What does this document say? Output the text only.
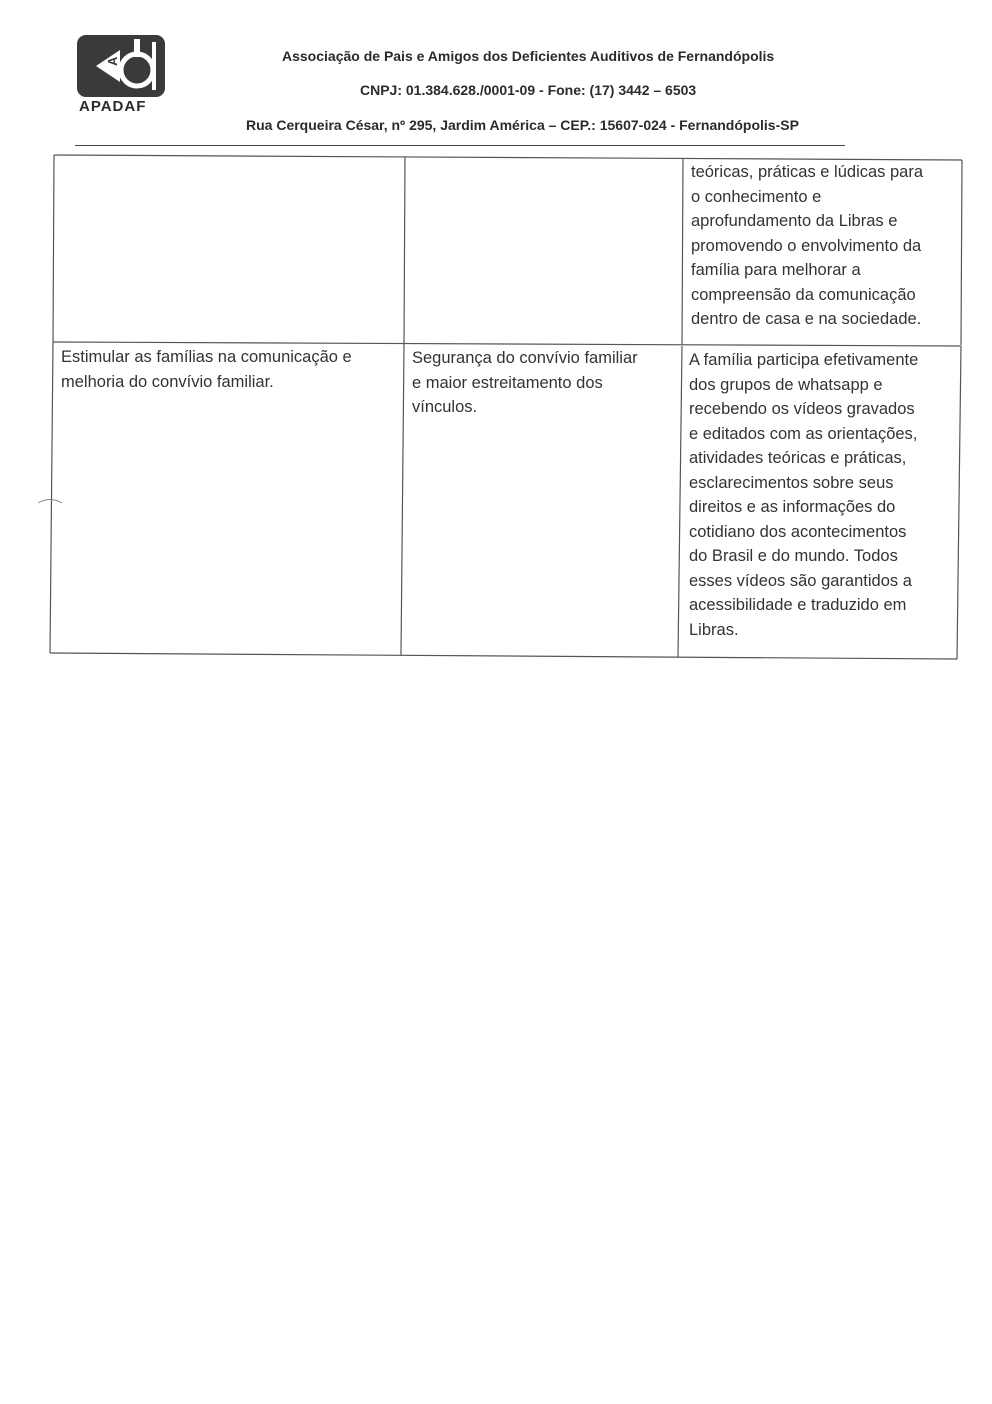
A
APADAF
Associação de Pais e Amigos dos Deficientes Auditivos de Fernandópolis
CNPJ: 01.384.628./0001-09 - Fone: (17) 3442 – 6503
Rua Cerqueira César, nº 295, Jardim América – CEP.: 15607-024 - Fernandópolis-SP
teóricas, práticas e lúdicas para
o conhecimento e
aprofundamento da Libras e
promovendo o envolvimento da
família para melhorar a
compreensão da comunicação
dentro de casa e na sociedade.
Estimular as famílias na comunicação e
melhoria do convívio familiar.
Segurança do convívio familiar
e maior estreitamento dos
vínculos.
A família participa efetivamente
dos grupos de whatsapp e
recebendo os vídeos gravados
e editados com as orientações,
atividades teóricas e práticas,
esclarecimentos sobre seus
direitos e as informações do
cotidiano dos acontecimentos
do Brasil e do mundo. Todos
esses vídeos são garantidos a
acessibilidade e traduzido em
Libras.
